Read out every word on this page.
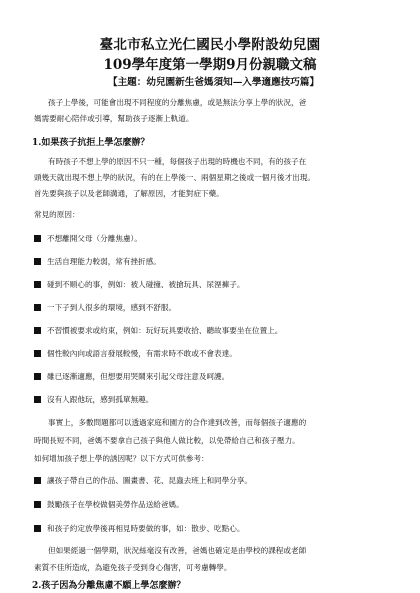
臺北市私立光仁國民小學附設幼兒園
109學年度第一學期9月份親職文稿
【主題：幼兒園新生爸媽須知—入學適應技巧篇】
孩子上學後，可能會出現不同程度的分離焦慮，或是無法分享上學的狀況，爸
媽需要耐心陪伴或引導，幫助孩子逐漸上軌道。
1.如果孩子抗拒上學怎麼辦？
有時孩子不想上學的原因不只一種，每個孩子出現的時機也不同，有的孩子在
頭幾天就出現不想上學的狀況，有的在上學後一、兩個星期之後或一個月後才出現。
首先要與孩子以及老師溝通，了解原因，才能對症下藥。
常見的原因：
不想離開父母（分離焦慮）。
生活自理能力較弱，常有挫折感。
碰到不順心的事，例如：被人碰撞、被搶玩具、尿溼褲子。
一下子到人很多的環境，感到不舒服。
不習慣被要求或約束，例如：玩好玩具要收拾、聽故事要坐在位置上。
個性較內向或語言發展較慢，有需求時不敢或不會表達。
雖已逐漸適應，但想要用哭鬧來引起父母注意及呵護。
沒有人跟他玩，感到孤單無趣。
事實上，多數問題都可以透過家庭和園方的合作達到改善，而每個孩子適應的
時間長短不同，爸媽不要拿自己孩子與他人做比較，以免帶給自己和孩子壓力。
如何增加孩子想上學的誘因呢？以下方式可供參考：
讓孩子帶自己的作品、圖畫書、花、昆蟲去班上和同學分享。
鼓勵孩子在學校做個美勞作品送給爸媽。
和孩子約定放學後再相見時要做的事，如：散步、吃點心。
但如果經過一個學期，狀況絲毫沒有改善，爸媽也確定是由學校的課程或老師
素質不佳所造成，為避免孩子受到身心傷害，可考慮轉學。
2.孩子因為分離焦慮不願上學怎麼辦？
